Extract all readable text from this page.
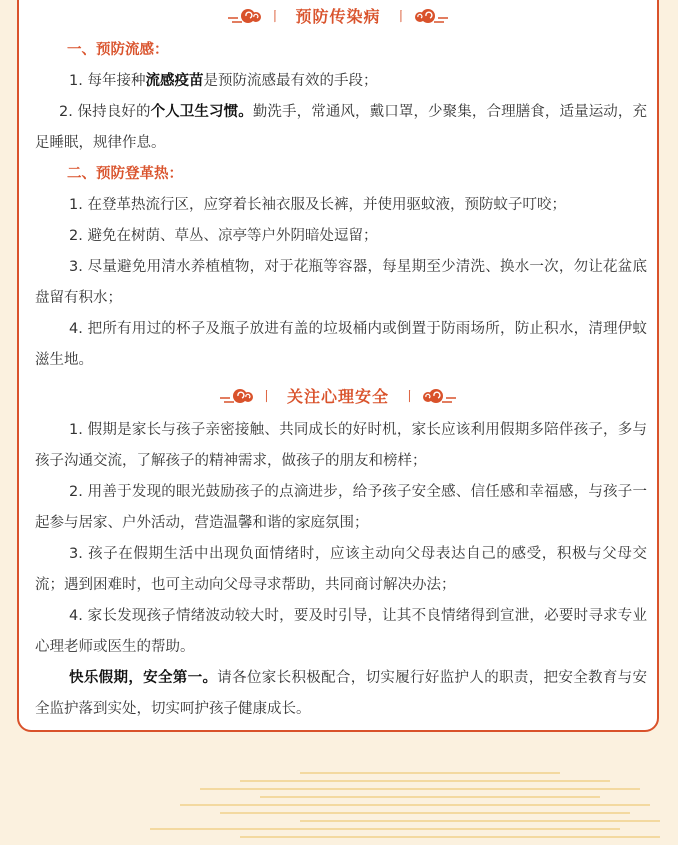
丨 预防传染病 丨
一、预防流感：

1. 每年接种流感疫苗是预防流感最有效的手段；

2. 保持良好的个人卫生习惯。勤洗手，常通风，戴口罩，少聚集，合理膳食，适量运动，充足睡眠，规律作息。

二、预防登革热：

1. 在登革热流行区，应穿着长袖衣服及长裤，并使用驱蚊液，预防蚊子叮咬；

2. 避免在树荫、草丛、凉亭等户外阴暗处逗留；

3. 尽量避免用清水养植植物，对于花瓶等容器，每星期至少清洗、换水一次，勿让花盆底盘留有积水；

4. 把所有用过的杯子及瓶子放进有盖的垃圾桶内或倒置于防雨场所，防止积水，清理伊蚊滋生地。

丨 关注心理安全 丨

1. 假期是家长与孩子亲密接触、共同成长的好时机，家长应该利用假期多陪伴孩子，多与孩子沟通交流，了解孩子的精神需求，做孩子的朋友和榜样；

2. 用善于发现的眼光鼓励孩子的点滴进步，给予孩子安全感、信任感和幸福感，与孩子一起参与居家、户外活动，营造温馨和谐的家庭氛围；

3. 孩子在假期生活中出现负面情绪时，应该主动向父母表达自己的感受，积极与父母交流；遇到困难时，也可主动向父母寻求帮助，共同商讨解决办法；

4. 家长发现孩子情绪波动较大时，要及时引导，让其不良情绪得到宣泄，必要时寻求专业心理老师或医生的帮助。

快乐假期，安全第一。请各位家长积极配合，切实履行好监护人的职责，把安全教育与安全监护落到实处，切实呵护孩子健康成长。
